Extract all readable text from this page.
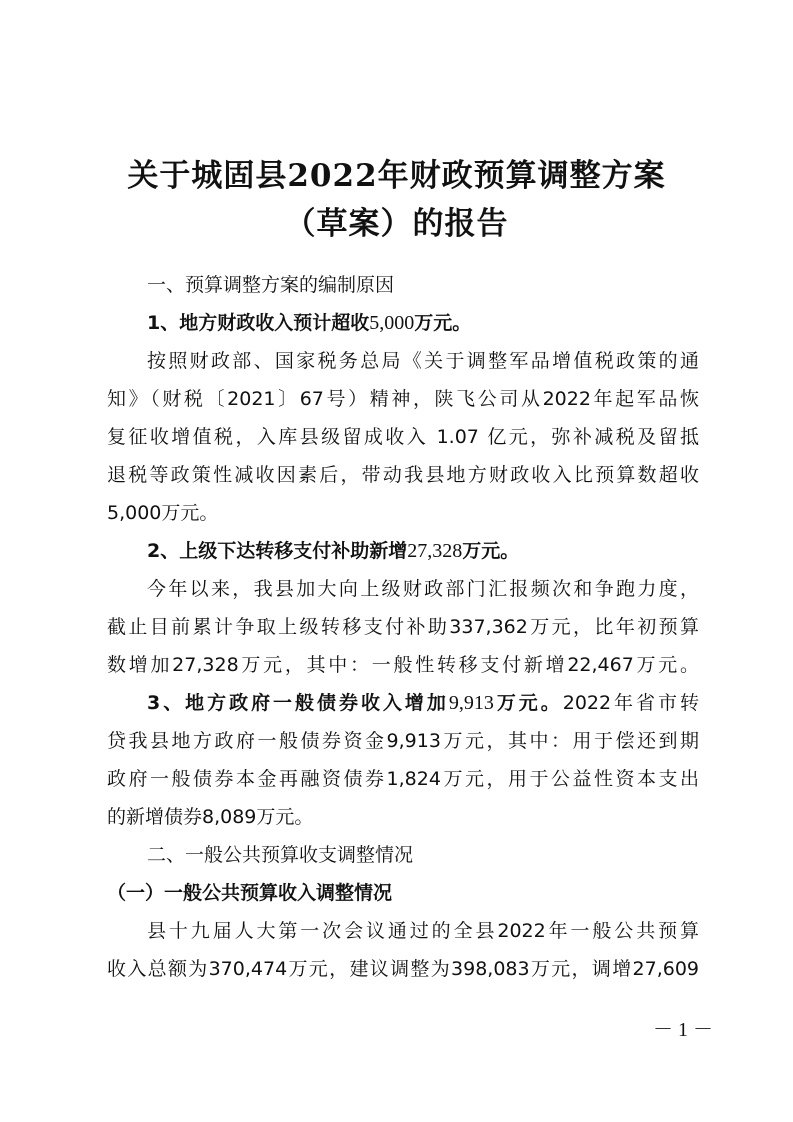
关于城固县2022年财政预算调整方案
（草案）的报告
一、预算调整方案的编制原因
1、地方财政收入预计超收5,000万元。
按照财政部、国家税务总局《关于调整军品增值税政策的通
知》（财税〔2021〕67号）精神，陕飞公司从2022年起军品恢
复征收增值税，入库县级留成收入 1.07 亿元，弥补减税及留抵
退税等政策性减收因素后，带动我县地方财政收入比预算数超收
5,000万元。
2、上级下达转移支付补助新增27,328万元。
今年以来，我县加大向上级财政部门汇报频次和争跑力度，
截止目前累计争取上级转移支付补助337,362万元，比年初预算
数增加27,328万元，其中：一般性转移支付新增22,467万元。
3、地方政府一般债券收入增加9,913万元。2022年省市转
贷我县地方政府一般债券资金9,913万元，其中：用于偿还到期
政府一般债券本金再融资债券1,824万元，用于公益性资本支出
的新增债券8,089万元。
二、一般公共预算收支调整情况
（一）一般公共预算收入调整情况
县十九届人大第一次会议通过的全县2022年一般公共预算
收入总额为370,474万元，建议调整为398,083万元，调增27,609
－ 1 －
